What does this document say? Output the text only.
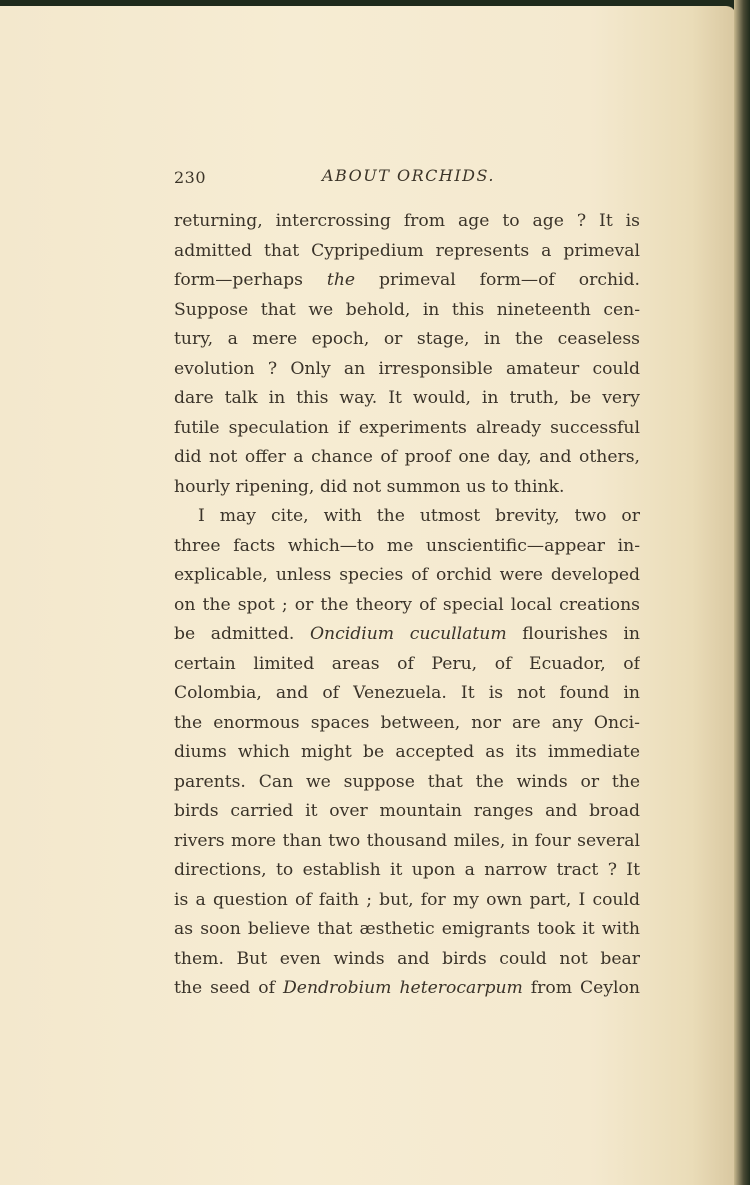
230	ABOUT ORCHIDS.
returning, intercrossing from age to age ? It is
admitted that Cypripedium represents a primeval
form—perhaps the primeval form—of orchid.
Suppose that we behold, in this nineteenth cen-
tury, a mere epoch, or stage, in the ceaseless
evolution ? Only an irresponsible amateur could
dare talk in this way. It would, in truth, be very
futile speculation if experiments already successful
did not offer a chance of proof one day, and others,
hourly ripening, did not summon us to think.
I may cite, with the utmost brevity, two or
three facts which—to me unscientific—appear in-
explicable, unless species of orchid were developed
on the spot ; or the theory of special local creations
be admitted. Oncidium cucullatum flourishes in
certain limited areas of Peru, of Ecuador, of
Colombia, and of Venezuela. It is not found in
the enormous spaces between, nor are any Onci-
diums which might be accepted as its immediate
parents. Can we suppose that the winds or the
birds carried it over mountain ranges and broad
rivers more than two thousand miles, in four several
directions, to establish it upon a narrow tract ? It
is a question of faith ; but, for my own part, I could
as soon believe that æsthetic emigrants took it with
them. But even winds and birds could not bear
the seed of Dendrobium heterocarpum from Ceylon
